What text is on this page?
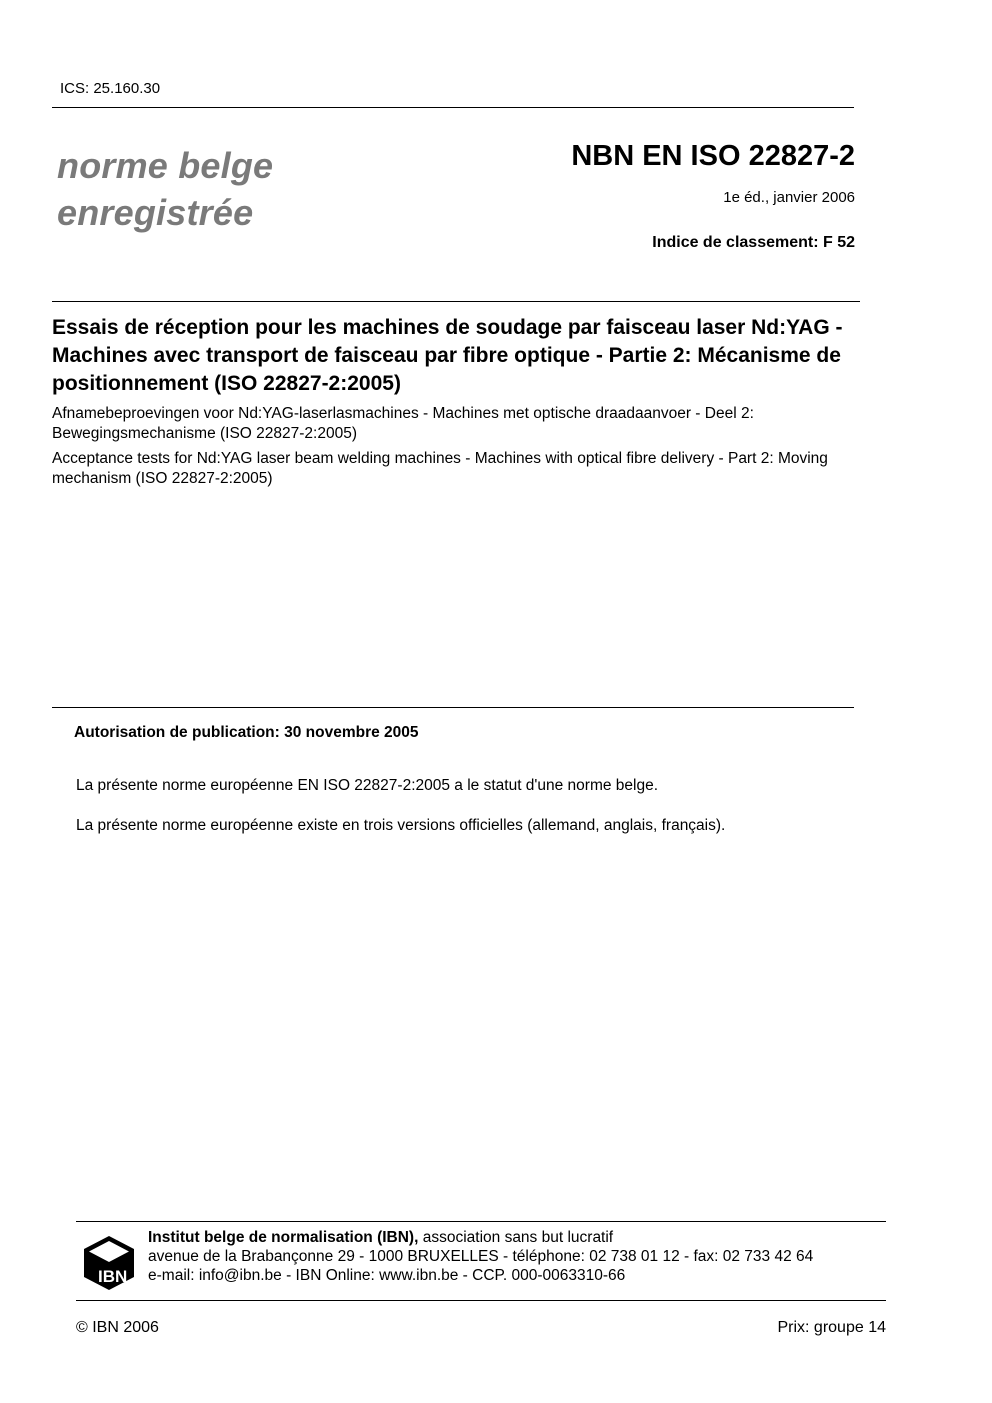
ICS: 25.160.30
norme belge
enregistrée
NBN EN ISO 22827-2
1e éd., janvier 2006
Indice de classement: F 52
Essais de réception pour les machines de soudage par faisceau laser Nd:YAG - Machines avec transport de faisceau par fibre optique - Partie 2: Mécanisme de positionnement (ISO 22827-2:2005)
Afnamebeproevingen voor Nd:YAG-laserlasmachines - Machines met optische draadaanvoer - Deel 2: Bewegingsmechanisme (ISO 22827-2:2005)
Acceptance tests for Nd:YAG laser beam welding machines - Machines with optical fibre delivery - Part 2: Moving mechanism (ISO 22827-2:2005)
Autorisation de publication: 30 novembre 2005
La présente norme européenne EN ISO 22827-2:2005 a le statut d'une norme belge.
La présente norme européenne existe en trois versions officielles (allemand, anglais, français).
IBN
Institut belge de normalisation (IBN), association sans but lucratif
avenue de la Brabançonne 29 - 1000 BRUXELLES - téléphone: 02 738 01 12 - fax: 02 733 42 64
e-mail: info@ibn.be - IBN Online: www.ibn.be - CCP. 000-0063310-66
© IBN 2006	Prix: groupe 14
